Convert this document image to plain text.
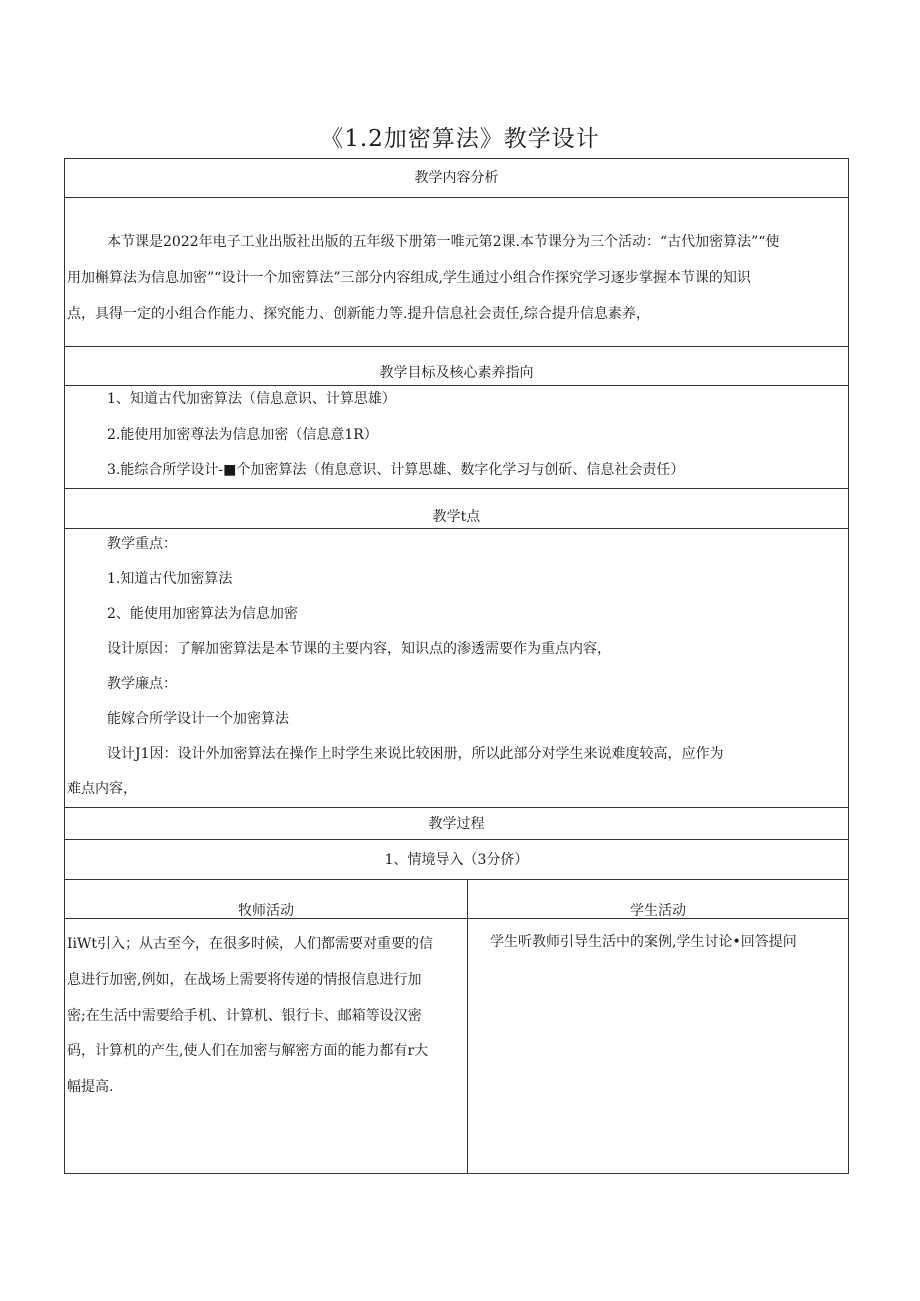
《1.2加密算法》教学设计
教学内容分析
本节课是2022年电子工业出版社出版的五年级下册第一唯元第2课.本节课分为三个活动：“古代加密算法”“使
用加槲算法为信息加密”“设计一个加密算法”三部分内容组成,学生通过小组合作探究学习逐步掌握本节课的知识
点，具得一定的小组合作能力、探究能力、创新能力等.提升信息社会责任,综合提升信息素养，
教学目标及核心素养指向
1、知道古代加密算法（信息意识、计算思雄）
2.能使用加密尊法为信息加密（信息意1R）
3.能综合所学设计-■个加密算法（侑息意识、计算思雄、数字化学习与创斫、信息社会责任）
教学t点
教学重点：
1.知道古代加密算法
2、能使用加密算法为信息加密
设计原因：了解加密算法是本节课的主要内容，知识点的渗透需要作为重点内容，
教学廉点：
能嫁合所学设计一个加密算法
设计J1因：设计外加密算法在操作上时学生来说比较困册，所以此部分对学生来说难度较高，应作为
难点内容，
教学过程
1、情境导入（3分侪）
牧师活动	学生活动
IiWt引入；从古至今，在很多时候，人们都需要对重要的信
息进行加密,例如，在战场上需要将传递的情报信息进行加
密;在生活中需要给手机、计算机、银行卡、邮箱等设汉密
码，计算机的产生,使人们在加密与解密方面的能力都有r大
幅提高.
学生听教师引导生活中的案例,学生讨论•回答提问
